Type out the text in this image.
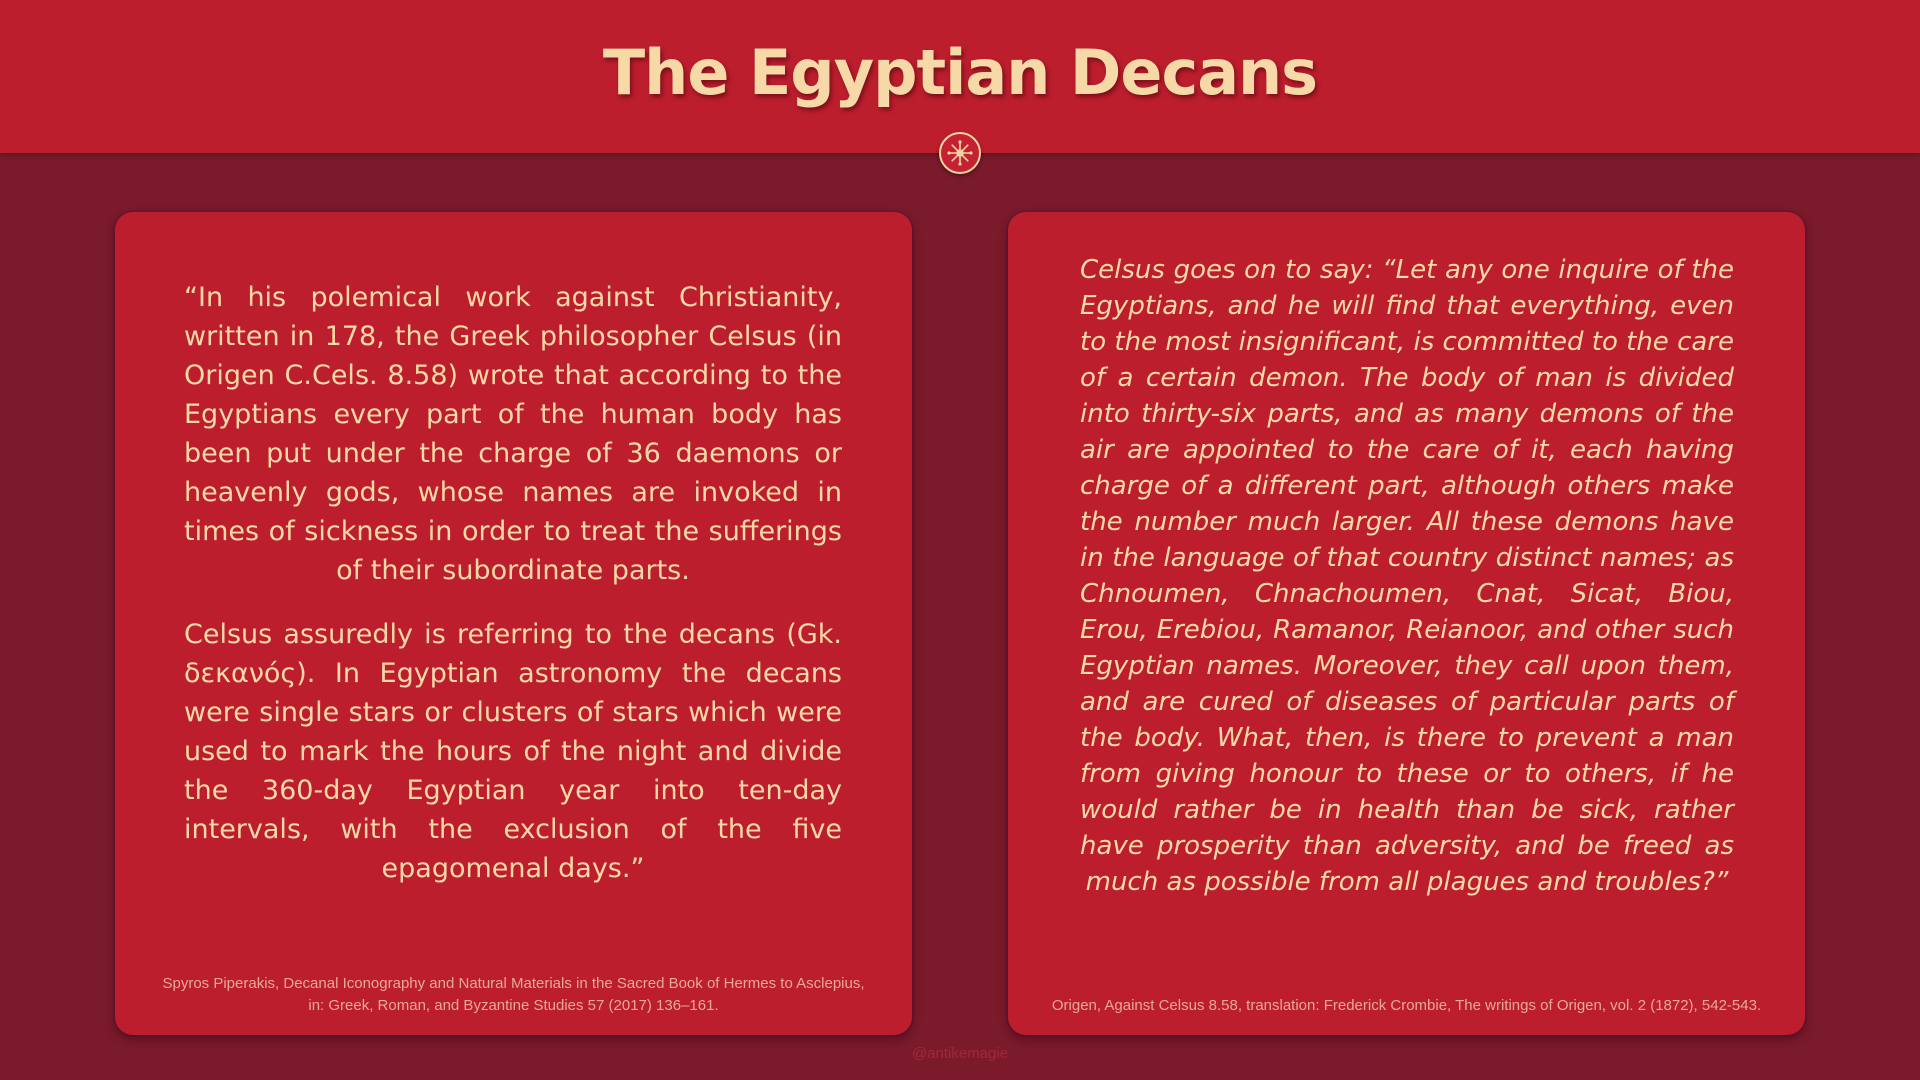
The Egyptian Decans

“In his polemical work against Christianity, written in 178, the Greek philosopher Celsus (in Origen C.Cels. 8.58) wrote that according to the Egyptians every part of the human body has been put under the charge of 36 daemons or heavenly gods, whose names are invoked in times of sickness in order to treat the sufferings of their subordinate parts.

Celsus assuredly is referring to the decans (Gk. δεκανός). In Egyptian astronomy the decans were single stars or clusters of stars which were used to mark the hours of the night and divide the 360-day Egyptian year into ten-day intervals, with the exclusion of the five epagomenal days.”

Spyros Piperakis, Decanal Iconography and Natural Materials in the Sacred Book of Hermes to Asclepius,
in: Greek, Roman, and Byzantine Studies 57 (2017) 136–161.

Celsus goes on to say: “Let any one inquire of the Egyptians, and he will find that everything, even to the most insignificant, is committed to the care of a certain demon. The body of man is divided into thirty-six parts, and as many demons of the air are appointed to the care of it, each having charge of a different part, although others make the number much larger. All these demons have in the language of that country distinct names; as Chnoumen, Chnachoumen, Cnat, Sicat, Biou, Erou, Erebiou, Ramanor, Reianoor, and other such Egyptian names. Moreover, they call upon them, and are cured of diseases of particular parts of the body. What, then, is there to prevent a man from giving honour to these or to others, if he would rather be in health than be sick, rather have prosperity than adversity, and be freed as much as possible from all plagues and troubles?”

Origen, Against Celsus 8.58, translation: Frederick Crombie, The writings of Origen, vol. 2 (1872), 542-543.

@antikemagie
